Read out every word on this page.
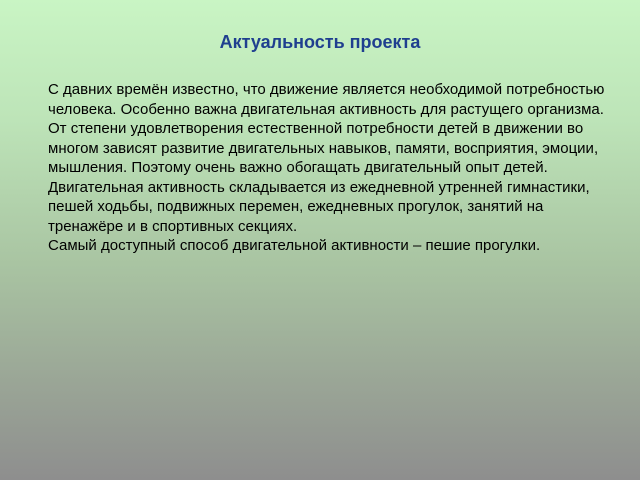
Актуальность проекта

С давних времён известно, что движение является необходимой потребностью человека. Особенно важна двигательная активность для растущего организма.

От степени удовлетворения естественной потребности детей в движении во многом зависят развитие двигательных навыков, памяти, восприятия, эмоции, мышления. Поэтому очень важно обогащать двигательный опыт детей. Двигательная активность складывается из ежедневной утренней гимнастики, пешей ходьбы, подвижных перемен, ежедневных прогулок, занятий на тренажёре и в спортивных секциях.

Самый доступный способ двигательной активности – пешие прогулки.
